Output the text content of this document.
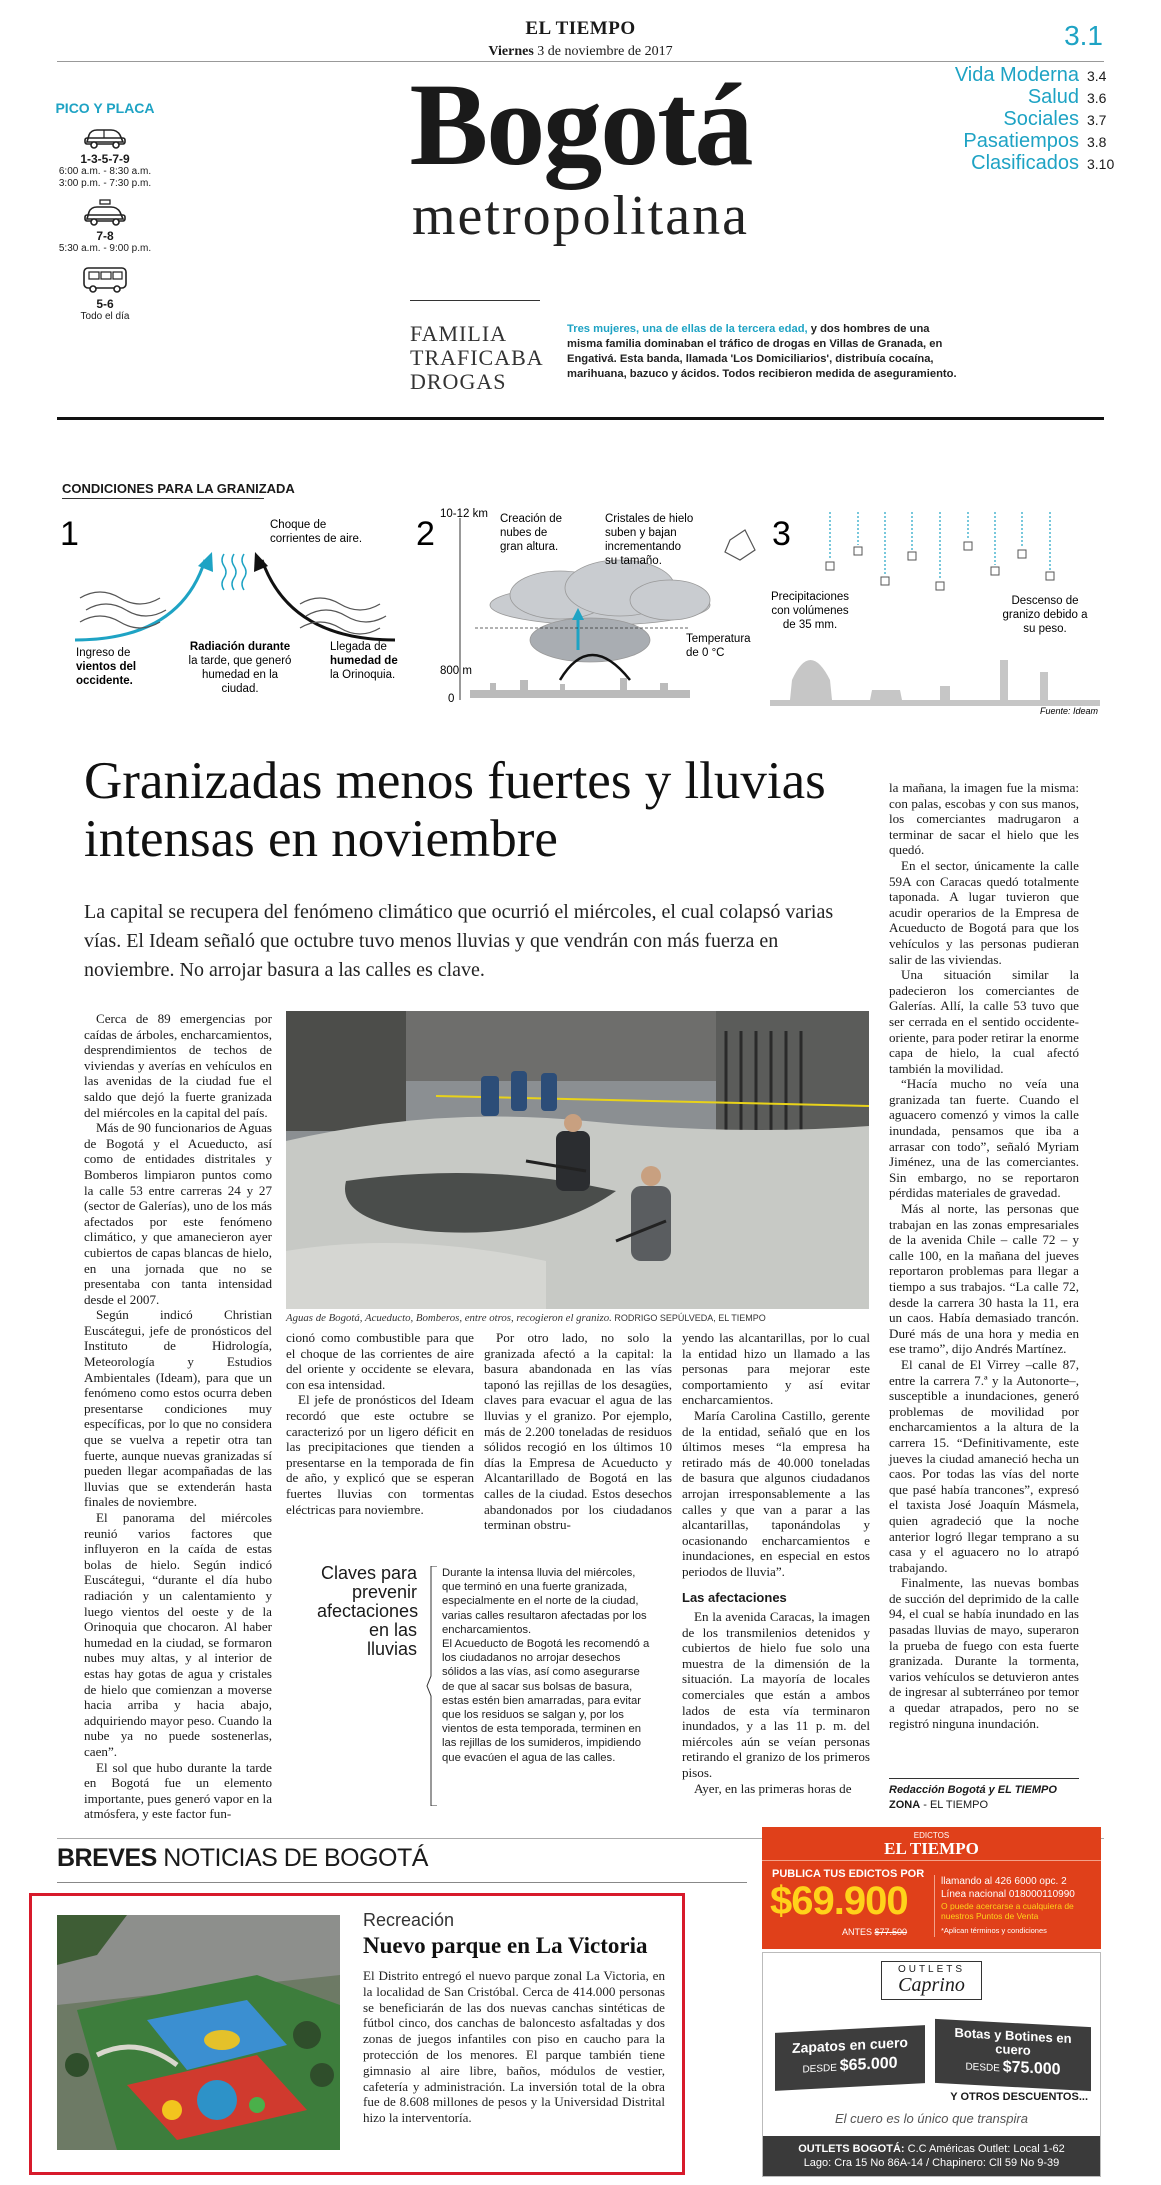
EL TIEMPO
Viernes 3 de noviembre de 2017
3.1
Bogotá
metropolitana
PICO Y PLACA
1-3-5-7-9
6:00 a.m. - 8:30 a.m.
3:00 p.m. - 7:30 p.m.
7-8
5:30 a.m. - 9:00 p.m.
5-6
Todo el día
Vida Moderna 3.4
Salud 3.6
Sociales 3.7
Pasatiempos 3.8
Clasificados 3.10
FAMILIA
TRAFICABA
DROGAS
Tres mujeres, una de ellas de la tercera edad, y dos hombres de una misma familia dominaban el tráfico de drogas en Villas de Granada, en Engativá. Esta banda, llamada 'Los Domiciliarios', distribuía cocaína, marihuana, bazuco y ácidos. Todos recibieron medida de aseguramiento.
CONDICIONES PARA LA GRANIZADA
1	Choque de corrientes de aire.
Ingreso de vientos del occidente.
Radiación durante la tarde, que generó humedad en la ciudad.
Llegada de humedad de la Orinoquia.
2
10-12 km
800 m
0
Creación de nubes de gran altura.
Cristales de hielo suben y bajan incrementando su tamaño.
Temperatura de 0 °C
3
Precipitaciones con volúmenes de 35 mm.
Descenso de granizo debido a su peso.
Fuente: Ideam
Granizadas menos fuertes y lluvias intensas en noviembre
La capital se recupera del fenómeno climático que ocurrió el miércoles, el cual colapsó varias vías. El Ideam señaló que octubre tuvo menos lluvias y que vendrán con más fuerza en noviembre. No arrojar basura a las calles es clave.

Cerca de 89 emergencias por caídas de árboles, encharcamientos, desprendimientos de techos de viviendas y averías en vehículos en las avenidas de la ciudad fue el saldo que dejó la fuerte granizada del miércoles en la capital del país.

Más de 90 funcionarios de Aguas de Bogotá y el Acueducto, así como de entidades distritales y Bomberos limpiaron puntos como la calle 53 entre carreras 24 y 27 (sector de Galerías), uno de los más afectados por este fenómeno climático, y que amanecieron ayer cubiertos de capas blancas de hielo, en una jornada que no se presentaba con tanta intensidad desde el 2007.

Según indicó Christian Euscátegui, jefe de pronósticos del Instituto de Hidrología, Meteorología y Estudios Ambientales (Ideam), para que un fenómeno como estos ocurra deben presentarse condiciones muy específicas, por lo que no considera que se vuelva a repetir otra tan fuerte, aunque nuevas granizadas sí pueden llegar acompañadas de las lluvias que se extenderán hasta finales de noviembre.

El panorama del miércoles reunió varios factores que influyeron en la caída de estas bolas de hielo. Según indicó Euscátegui, “durante el día hubo radiación y un calentamiento y luego vientos del oeste y de la Orinoquia que chocaron. Al haber humedad en la ciudad, se formaron nubes muy altas, y al interior de estas hay gotas de agua y cristales de hielo que comienzan a moverse hacia arriba y hacia abajo, adquiriendo mayor peso. Cuando la nube ya no puede sostenerlas, caen”.

El sol que hubo durante la tarde en Bogotá fue un elemento importante, pues generó vapor en la atmósfera, y este factor fun-

Aguas de Bogotá, Acueducto, Bomberos, entre otros, recogieron el granizo. RODRIGO SEPÚLVEDA, EL TIEMPO

cionó como combustible para que el choque de las corrientes de aire del oriente y occidente se elevara, con esa intensidad.

El jefe de pronósticos del Ideam recordó que este octubre se caracterizó por un ligero déficit en las precipitaciones que tienden a presentarse en la temporada de fin de año, y explicó que se esperan fuertes lluvias con tormentas eléctricas para noviembre.

Por otro lado, no solo la granizada afectó a la capital: la basura abandonada en las vías taponó las rejillas de los desagües, claves para evacuar el agua de las lluvias y el granizo. Por ejemplo, más de 2.200 toneladas de residuos sólidos recogió en los últimos 10 días la Empresa de Acueducto y Alcantarillado de Bogotá en las calles de la ciudad. Estos desechos abandonados por los ciudadanos terminan obstru-

Claves para prevenir afectaciones en las lluvias

Durante la intensa lluvia del miércoles, que terminó en una fuerte granizada, especialmente en el norte de la ciudad, varias calles resultaron afectadas por los encharcamientos.

El Acueducto de Bogotá les recomendó a los ciudadanos no arrojar desechos sólidos a las vías, así como asegurarse de que al sacar sus bolsas de basura, estas estén bien amarradas, para evitar que los residuos se salgan y, por los vientos de esta temporada, terminen en las rejillas de los sumideros, impidiendo que evacúen el agua de las calles.

yendo las alcantarillas, por lo cual la entidad hizo un llamado a las personas para mejorar este comportamiento y así evitar encharcamientos.

María Carolina Castillo, gerente de la entidad, señaló que en los últimos meses “la empresa ha retirado más de 40.000 toneladas de basura que algunos ciudadanos arrojan irresponsablemente a las calles y que van a parar a las alcantarillas, taponándolas y ocasionando encharcamientos e inundaciones, en especial en estos periodos de lluvia”.

Las afectaciones

En la avenida Caracas, la imagen de los transmilenios detenidos y cubiertos de hielo fue solo una muestra de la dimensión de la situación. La mayoría de locales comerciales que están a ambos lados de esta vía terminaron inundados, y a las 11 p. m. del miércoles aún se veían personas retirando el granizo de los primeros pisos.

Ayer, en las primeras horas de

la mañana, la imagen fue la misma: con palas, escobas y con sus manos, los comerciantes madrugaron a terminar de sacar el hielo que les quedó.

En el sector, únicamente la calle 59A con Caracas quedó totalmente taponada. A lugar tuvieron que acudir operarios de la Empresa de Acueducto de Bogotá para que los vehículos y las personas pudieran salir de las viviendas.

Una situación similar la padecieron los comerciantes de Galerías. Allí, la calle 53 tuvo que ser cerrada en el sentido occidente-oriente, para poder retirar la enorme capa de hielo, la cual afectó también la movilidad.

“Hacía mucho no veía una granizada tan fuerte. Cuando el aguacero comenzó y vimos la calle inundada, pensamos que iba a arrasar con todo”, señaló Myriam Jiménez, una de las comerciantes. Sin embargo, no se reportaron pérdidas materiales de gravedad.

Más al norte, las personas que trabajan en las zonas empresariales de la avenida Chile – calle 72 – y calle 100, en la mañana del jueves reportaron problemas para llegar a tiempo a sus trabajos. “La calle 72, desde la carrera 30 hasta la 11, era un caos. Había demasiado trancón. Duré más de una hora y media en ese tramo”, dijo Andrés Martínez.

El canal de El Virrey –calle 87, entre la carrera 7.ª y la Autonorte–, susceptible a inundaciones, generó problemas de movilidad por encharcamientos a la altura de la carrera 15. “Definitivamente, este jueves la ciudad amaneció hecha un caos. Por todas las vías del norte que pasé había trancones”, expresó el taxista José Joaquín Másmela, quien agradeció que la noche anterior logró llegar temprano a su casa y el aguacero no lo atrapó trabajando.

Finalmente, las nuevas bombas de succión del deprimido de la calle 94, el cual se había inundado en las pasadas lluvias de mayo, superaron la prueba de fuego con esta fuerte granizada. Durante la tormenta, varios vehículos se detuvieron antes de ingresar al subterráneo por temor a quedar atrapados, pero no se registró ninguna inundación.

Redacción Bogotá y EL TIEMPO
ZONA - EL TIEMPO
BREVES NOTICIAS DE BOGOTÁ
Recreación
Nuevo parque en La Victoria
El Distrito entregó el nuevo parque zonal La Victoria, en la localidad de San Cristóbal. Cerca de 414.000 personas se beneficiarán de las dos nuevas canchas sintéticas de fútbol cinco, dos canchas de baloncesto asfaltadas y dos zonas de juegos infantiles con piso en caucho para la protección de los menores. El parque también tiene gimnasio al aire libre, baños, módulos de vestier, cafetería y administración. La inversión total de la obra fue de 8.608 millones de pesos y la Universidad Distrital hizo la interventoría.
EDICTOS
EL TIEMPO
PUBLICA TUS EDICTOS POR
$69.900
ANTES $77.500
llamando al 426 6000 opc. 2
Línea nacional 018000110990
O puede acercarse a cualquiera de nuestros Puntos de Venta
*Aplican términos y condiciones
OUTLETS
Caprino
Zapatos en cuero
DESDE $65.000
Botas y Botines en cuero
DESDE $75.000
Y OTROS DESCUENTOS...
El cuero es lo único que transpira
OUTLETS BOGOTÁ: C.C Américas Outlet: Local 1-62
Lago: Cra 15 No 86A-14 / Chapinero: Cll 59 No 9-39
